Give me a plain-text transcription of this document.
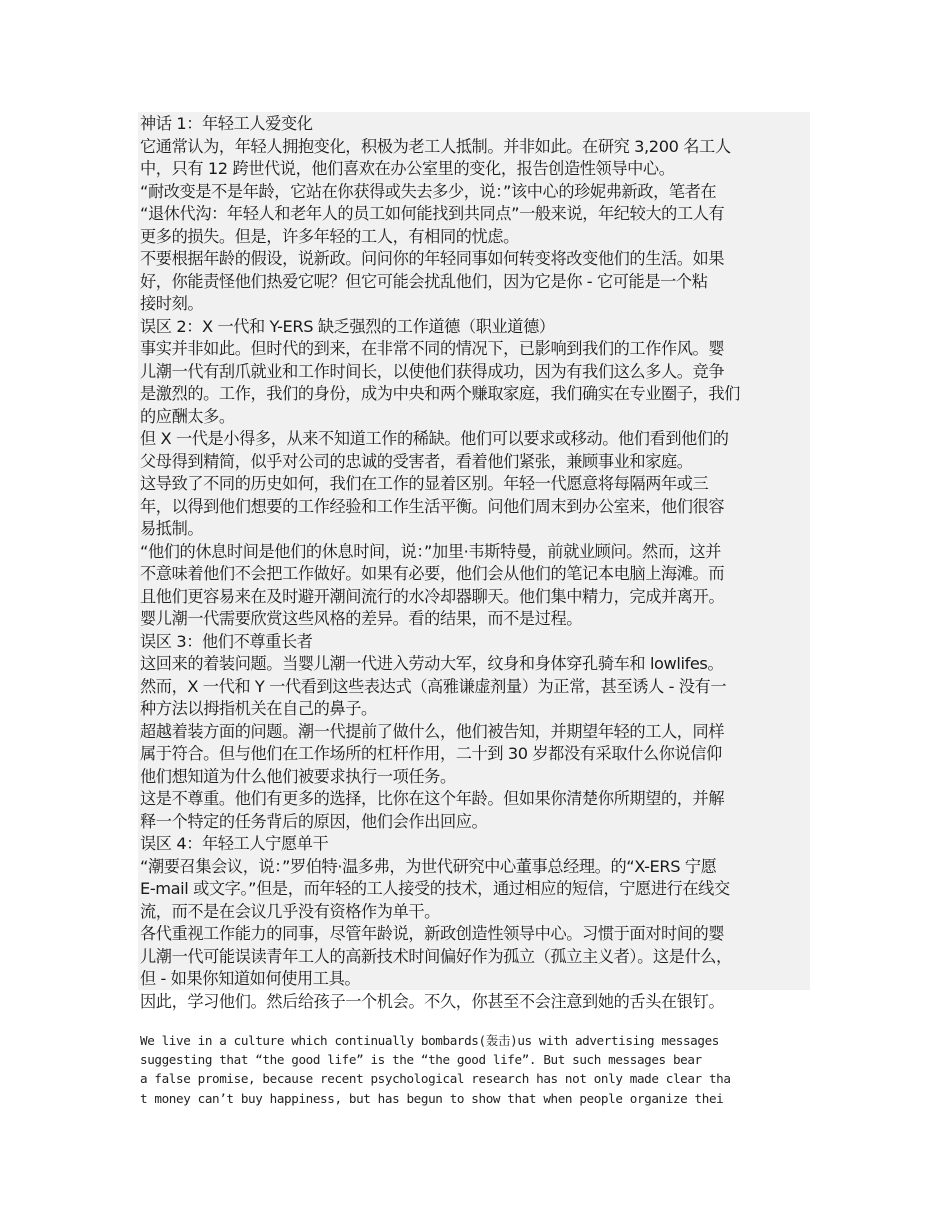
神话 1：年轻工人爱变化
它通常认为，年轻人拥抱变化，积极为老工人抵制。并非如此。在研究 3,200 名工人
中，只有 12 跨世代说，他们喜欢在办公室里的变化，报告创造性领导中心。
“耐改变是不是年龄，它站在你获得或失去多少，说：”该中心的珍妮弗新政，笔者在
“退休代沟：年轻人和老年人的员工如何能找到共同点”一般来说，年纪较大的工人有
更多的损失。但是，许多年轻的工人，有相同的忧虑。
不要根据年龄的假设，说新政。问问你的年轻同事如何转变将改变他们的生活。如果
好，你能责怪他们热爱它呢？但它可能会扰乱他们，因为它是你 - 它可能是一个粘
接时刻。
误区 2：X 一代和 Y-ERS 缺乏强烈的工作道德（职业道德）
事实并非如此。但时代的到来，在非常不同的情况下，已影响到我们的工作作风。婴
儿潮一代有刮爪就业和工作时间长，以使他们获得成功，因为有我们这么多人。竞争
是激烈的。工作，我们的身份，成为中央和两个赚取家庭，我们确实在专业圈子，我们
的应酬太多。
但 X 一代是小得多，从来不知道工作的稀缺。他们可以要求或移动。他们看到他们的
父母得到精简，似乎对公司的忠诚的受害者，看着他们紧张，兼顾事业和家庭。
这导致了不同的历史如何，我们在工作的显着区别。年轻一代愿意将每隔两年或三
年，以得到他们想要的工作经验和工作生活平衡。问他们周末到办公室来，他们很容
易抵制。
“他们的休息时间是他们的休息时间，说：”加里·韦斯特曼，前就业顾问。然而，这并
不意味着他们不会把工作做好。如果有必要，他们会从他们的笔记本电脑上海滩。而
且他们更容易来在及时避开潮间流行的水冷却器聊天。他们集中精力，完成并离开。
婴儿潮一代需要欣赏这些风格的差异。看的结果，而不是过程。
误区 3：他们不尊重长者
这回来的着装问题。当婴儿潮一代进入劳动大军，纹身和身体穿孔骑车和 lowlifes。
然而，X 一代和 Y 一代看到这些表达式（高雅谦虚剂量）为正常，甚至诱人 - 没有一
种方法以拇指机关在自己的鼻子。
超越着装方面的问题。潮一代提前了做什么，他们被告知，并期望年轻的工人，同样
属于符合。但与他们在工作场所的杠杆作用，二十到 30 岁都没有采取什么你说信仰
他们想知道为什么他们被要求执行一项任务。
这是不尊重。他们有更多的选择，比你在这个年龄。但如果你清楚你所期望的，并解
释一个特定的任务背后的原因，他们会作出回应。
误区 4：年轻工人宁愿单干
“潮要召集会议，说：”罗伯特·温多弗，为世代研究中心董事总经理。的“X-ERS 宁愿
E-mail 或文字。”但是，而年轻的工人接受的技术，通过相应的短信，宁愿进行在线交
流，而不是在会议几乎没有资格作为单干。
各代重视工作能力的同事，尽管年龄说，新政创造性领导中心。习惯于面对时间的婴
儿潮一代可能误读青年工人的高新技术时间偏好作为孤立（孤立主义者）。这是什么，
但 - 如果你知道如何使用工具。
因此，学习他们。然后给孩子一个机会。不久，你甚至不会注意到她的舌头在银钉。
We live in a culture which continually bombards(轰击)us with advertising messages
suggesting that “the good life” is the “the good life”. But such messages bear
a false promise, because recent psychological research has not only made clear tha
t money can’t buy happiness, but has begun to show that when people organize thei
